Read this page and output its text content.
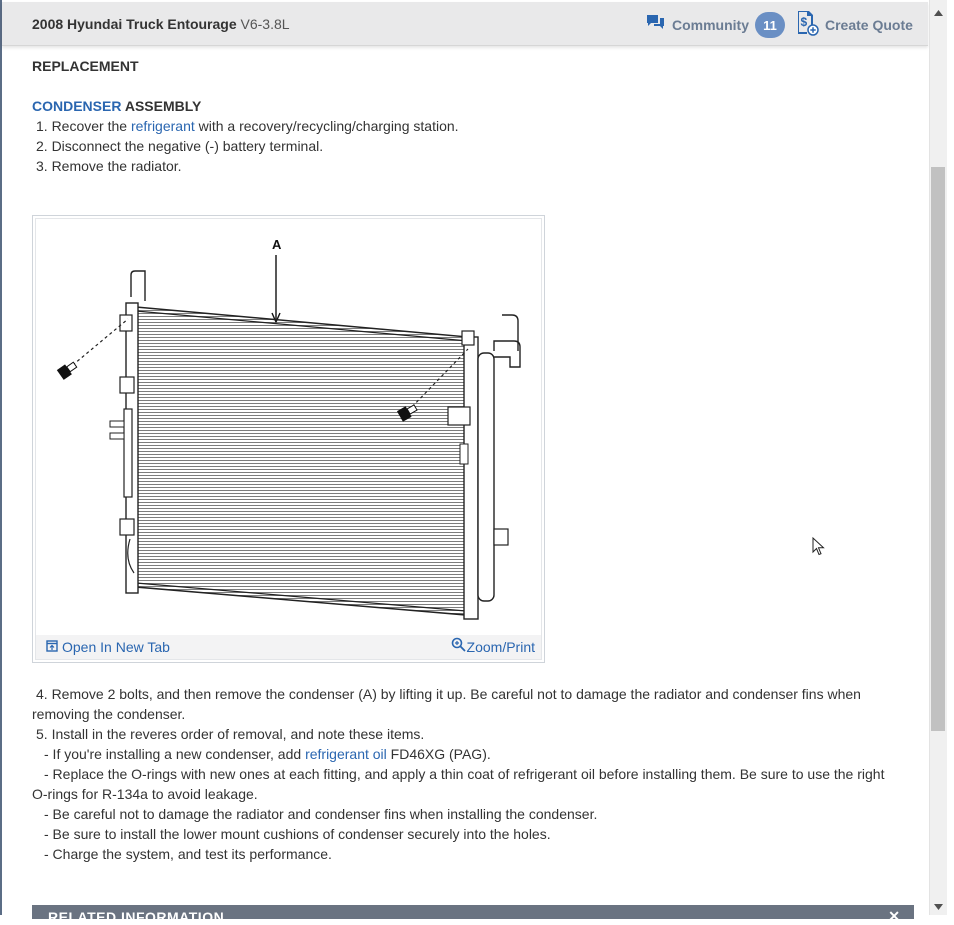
2008 Hyundai Truck Entourage V6-3.8L	Community	11	$ Create Quote
REPLACEMENT
CONDENSER ASSEMBLY
1. Recover the refrigerant with a recovery/recycling/charging station.
2. Disconnect the negative (-) battery terminal.
3. Remove the radiator.
A
Open In New Tab	Zoom/Print

4. Remove 2 bolts, and then remove the condenser (A) by lifting it up. Be careful not to damage the radiator and condenser fins when

removing the condenser.

5. Install in the reveres order of removal, and note these items.

- If you're installing a new condenser, add refrigerant oil FD46XG (PAG).

- Replace the O-rings with new ones at each fitting, and apply a thin coat of refrigerant oil before installing them. Be sure to use the right

O-rings for R-134a to avoid leakage.

- Be careful not to damage the radiator and condenser fins when installing the condenser.

- Be sure to install the lower mount cushions of condenser securely into the holes.

- Charge the system, and test its performance.

RELATED INFORMATION	✕
